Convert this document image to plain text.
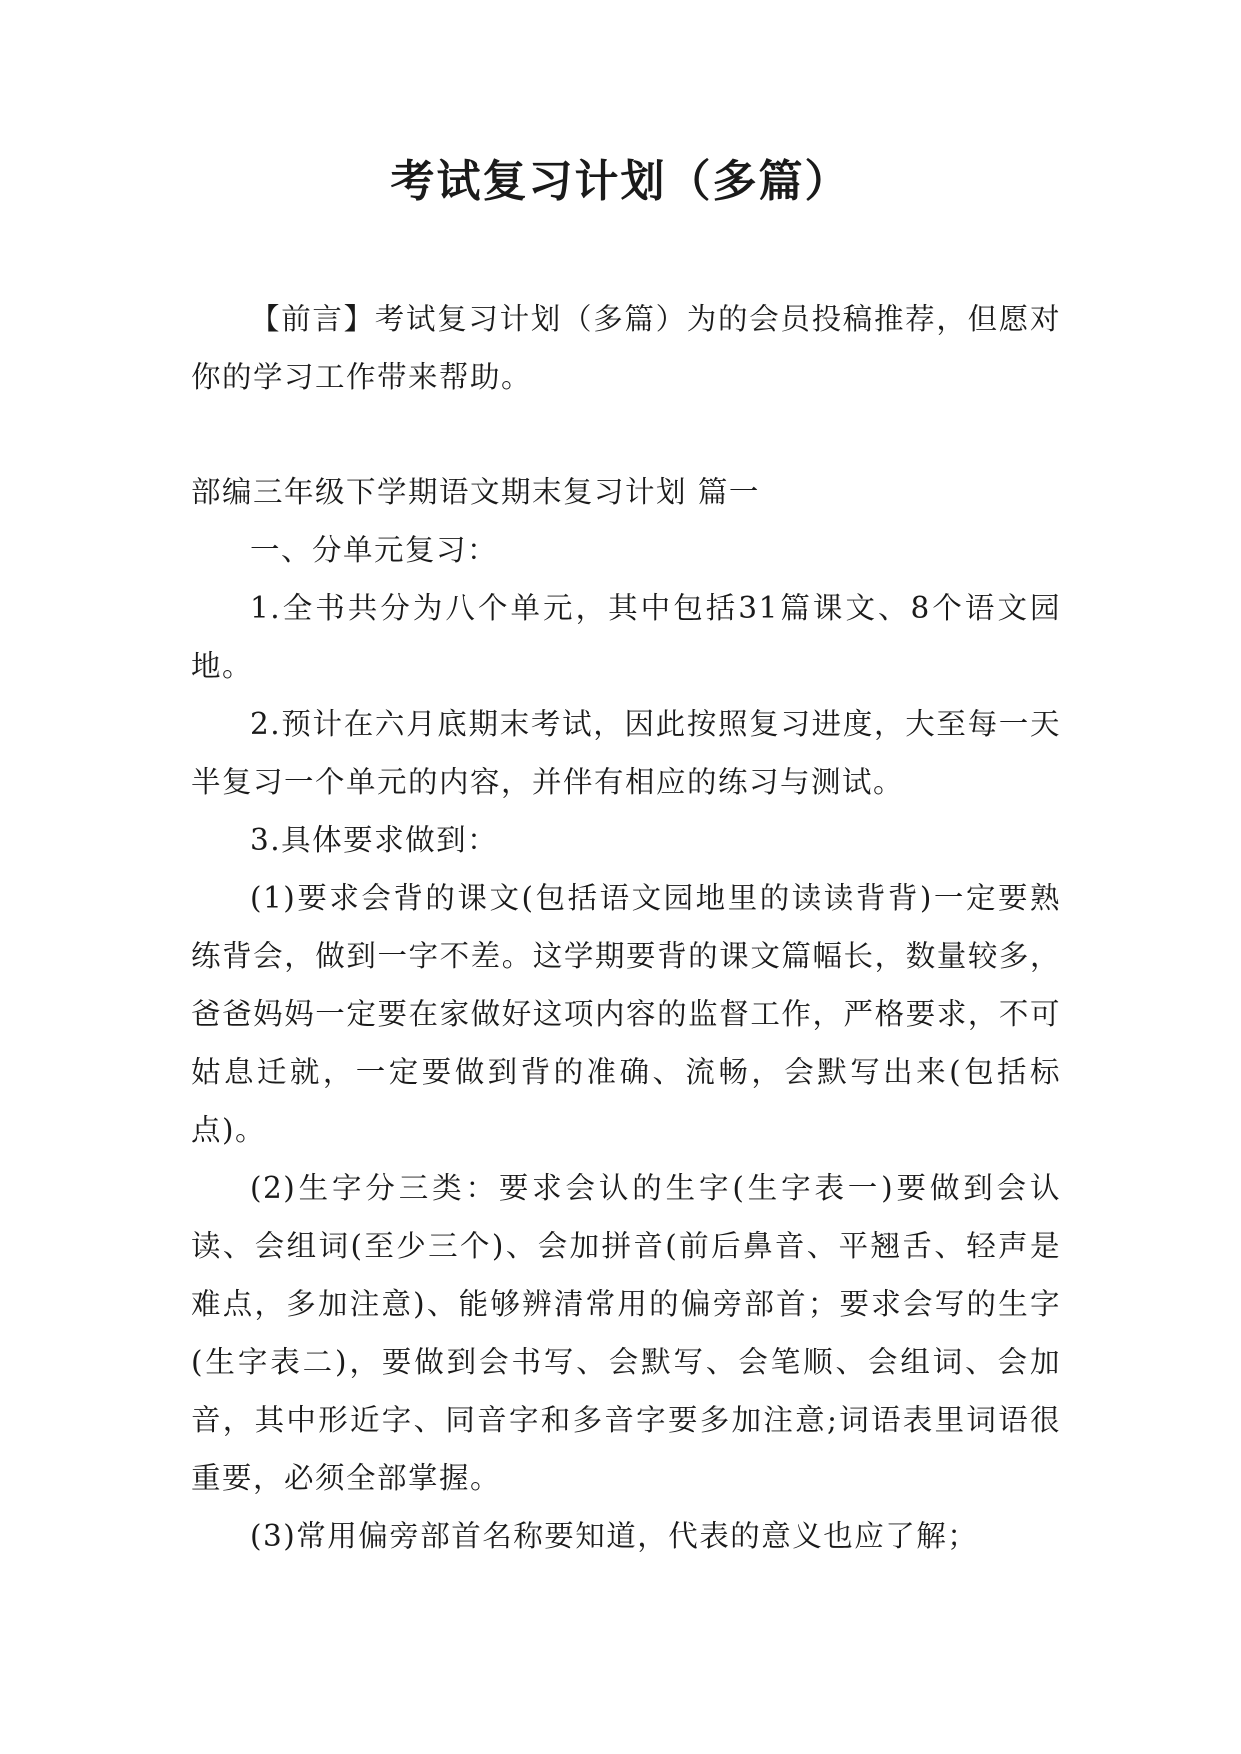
考试复习计划（多篇）

【前言】考试复习计划（多篇）为的会员投稿推荐，但愿对你的学习工作带来帮助。

部编三年级下学期语文期末复习计划 篇一

一、分单元复习：

1.全书共分为八个单元，其中包括31篇课文、8个语文园地。

2.预计在六月底期末考试，因此按照复习进度，大至每一天半复习一个单元的内容，并伴有相应的练习与测试。

3.具体要求做到：

(1)要求会背的课文(包括语文园地里的读读背背)一定要熟练背会，做到一字不差。这学期要背的课文篇幅长，数量较多，爸爸妈妈一定要在家做好这项内容的监督工作，严格要求，不可姑息迁就，一定要做到背的准确、流畅，会默写出来(包括标点)。

(2)生字分三类：要求会认的生字(生字表一)要做到会认读、会组词(至少三个)、会加拼音(前后鼻音、平翘舌、轻声是难点，多加注意)、能够辨清常用的偏旁部首；要求会写的生字(生字表二)，要做到会书写、会默写、会笔顺、会组词、会加音，其中形近字、同音字和多音字要多加注意;词语表里词语很重要，必须全部掌握。

(3)常用偏旁部首名称要知道，代表的意义也应了解；
